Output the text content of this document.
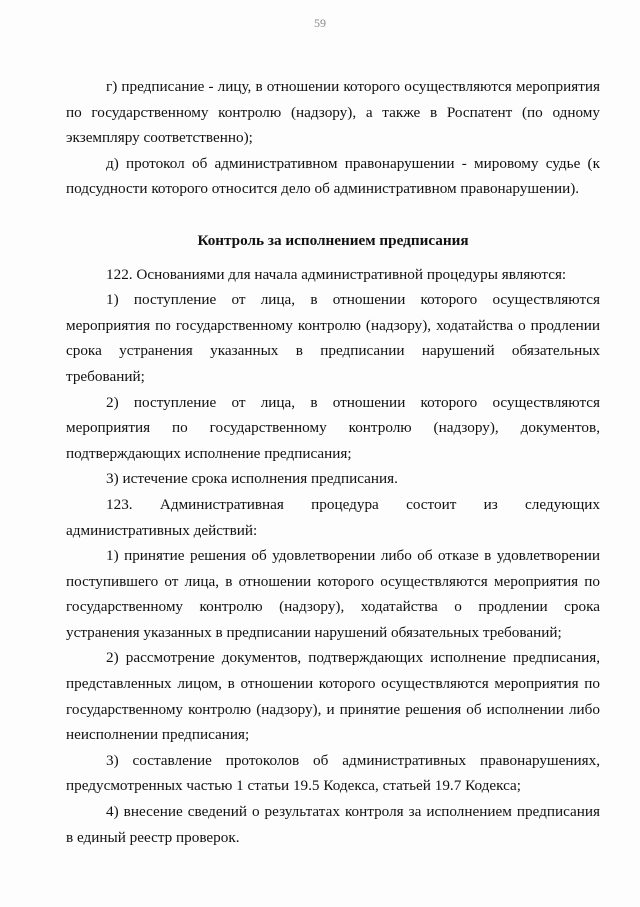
59

г) предписание - лицу, в отношении которого осуществляются мероприятия по государственному контролю (надзору), а также в Роспатент (по одному экземпляру соответственно);

д) протокол об административном правонарушении - мировому судье (к подсудности которого относится дело об административном правонарушении).

Контроль за исполнением предписания

122. Основаниями для начала административной процедуры являются:

1) поступление от лица, в отношении которого осуществляются мероприятия по государственному контролю (надзору), ходатайства о продлении срока устранения указанных в предписании нарушений обязательных требований;

2) поступление от лица, в отношении которого осуществляются мероприятия по государственному контролю (надзору), документов, подтверждающих исполнение предписания;

3) истечение срока исполнения предписания.

123. Административная процедура состоит из следующих административных действий:

1) принятие решения об удовлетворении либо об отказе в удовлетворении поступившего от лица, в отношении которого осуществляются мероприятия по государственному контролю (надзору), ходатайства о продлении срока устранения указанных в предписании нарушений обязательных требований;

2) рассмотрение документов, подтверждающих исполнение предписания, представленных лицом, в отношении которого осуществляются мероприятия по государственному контролю (надзору), и принятие решения об исполнении либо неисполнении предписания;

3) составление протоколов об административных правонарушениях, предусмотренных частью 1 статьи 19.5 Кодекса, статьей 19.7 Кодекса;

4) внесение сведений о результатах контроля за исполнением предписания в единый реестр проверок.
